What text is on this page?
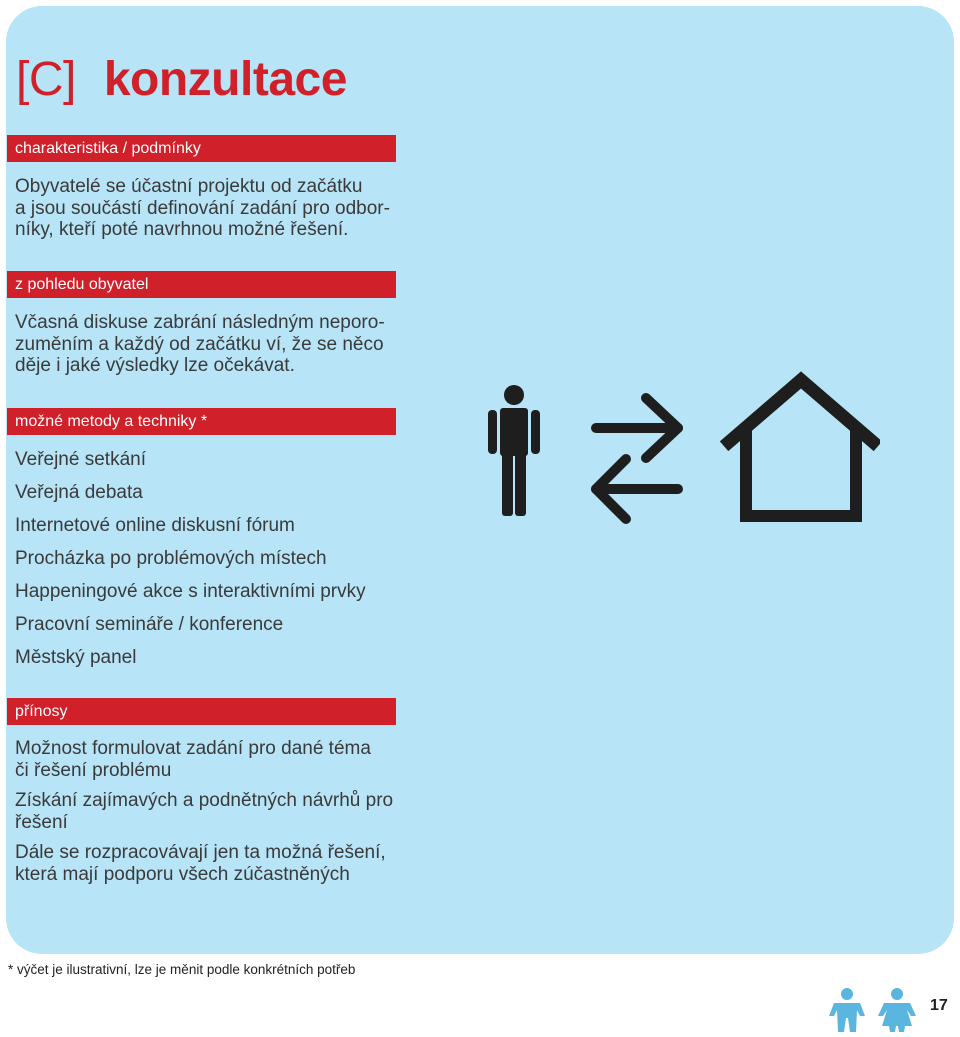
[C] konzultace
charakteristika / podmínky
Obyvatelé se účastní projektu od začátku
a jsou součástí definování zadání pro odbor-
níky, kteří poté navrhnou možné řešení.
z pohledu obyvatel
Včasná diskuse zabrání následným neporo-
zuměním a každý od začátku ví, že se něco
děje i jaké výsledky lze očekávat.
možné metody a techniky *
Veřejné setkání
Veřejná debata
Internetové online diskusní fórum
Procházka po problémových místech
Happeningové akce s interaktivními prvky
Pracovní semináře / konference
Městský panel
přínosy
Možnost formulovat zadání pro dané téma
či řešení problému
Získání zajímavých a podnětných návrhů pro
řešení
Dále se rozpracovávají jen ta možná řešení,
která mají podporu všech zúčastněných
* výčet je ilustrativní, lze je měnit podle konkrétních potřeb
17
